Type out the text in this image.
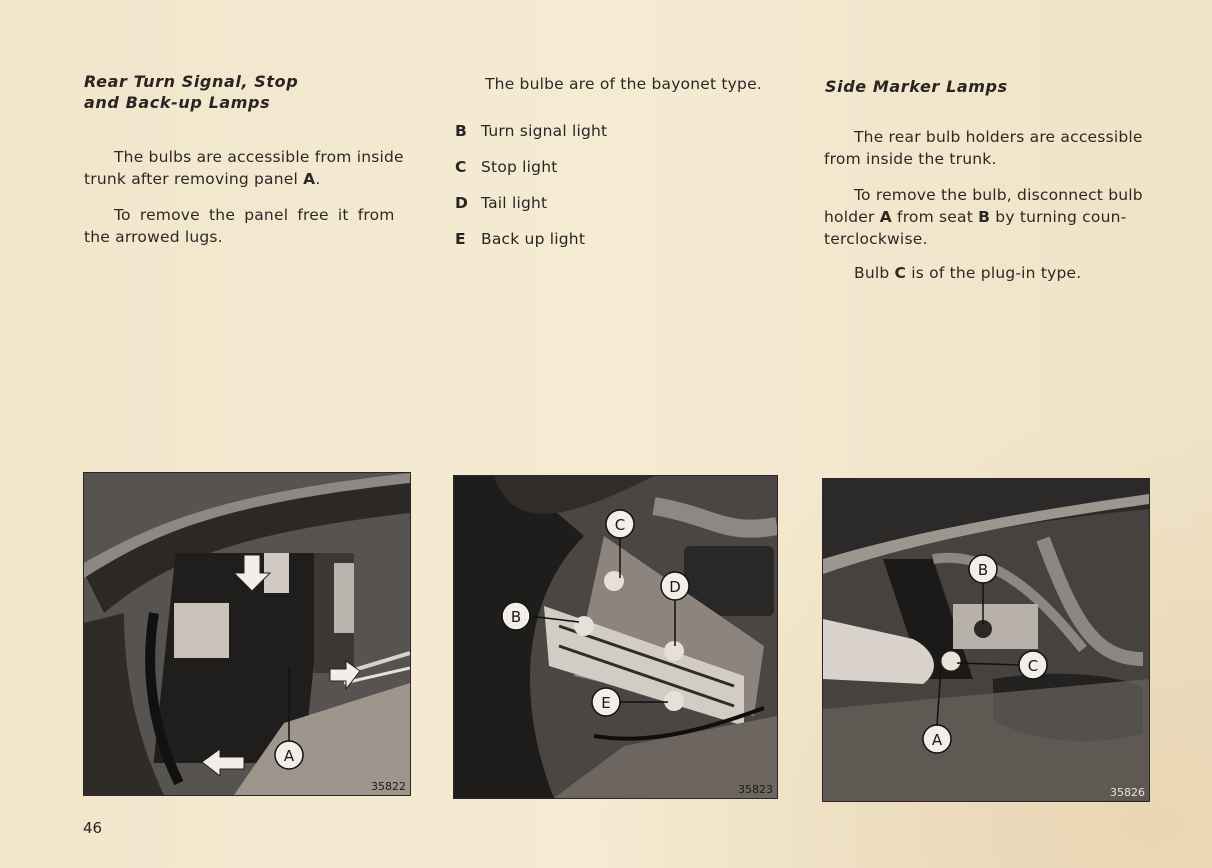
Rear Turn Signal, Stop
and Back-up Lamps
The bulbs are accessible from inside
trunk after removing panel A.
To remove the panel free it from
the arrowed lugs.
The bulbe are of the bayonet type.
B Turn signal light
C Stop light
D Tail light
E Back up light
Side Marker Lamps
The rear bulb holders are accessible
from inside the trunk.
To remove the bulb, disconnect bulb
holder A from seat B by turning coun-
terclockwise.
Bulb C is of the plug-in type.
A
35822
C
D
B
E
35823
B
C
A
35826
46
